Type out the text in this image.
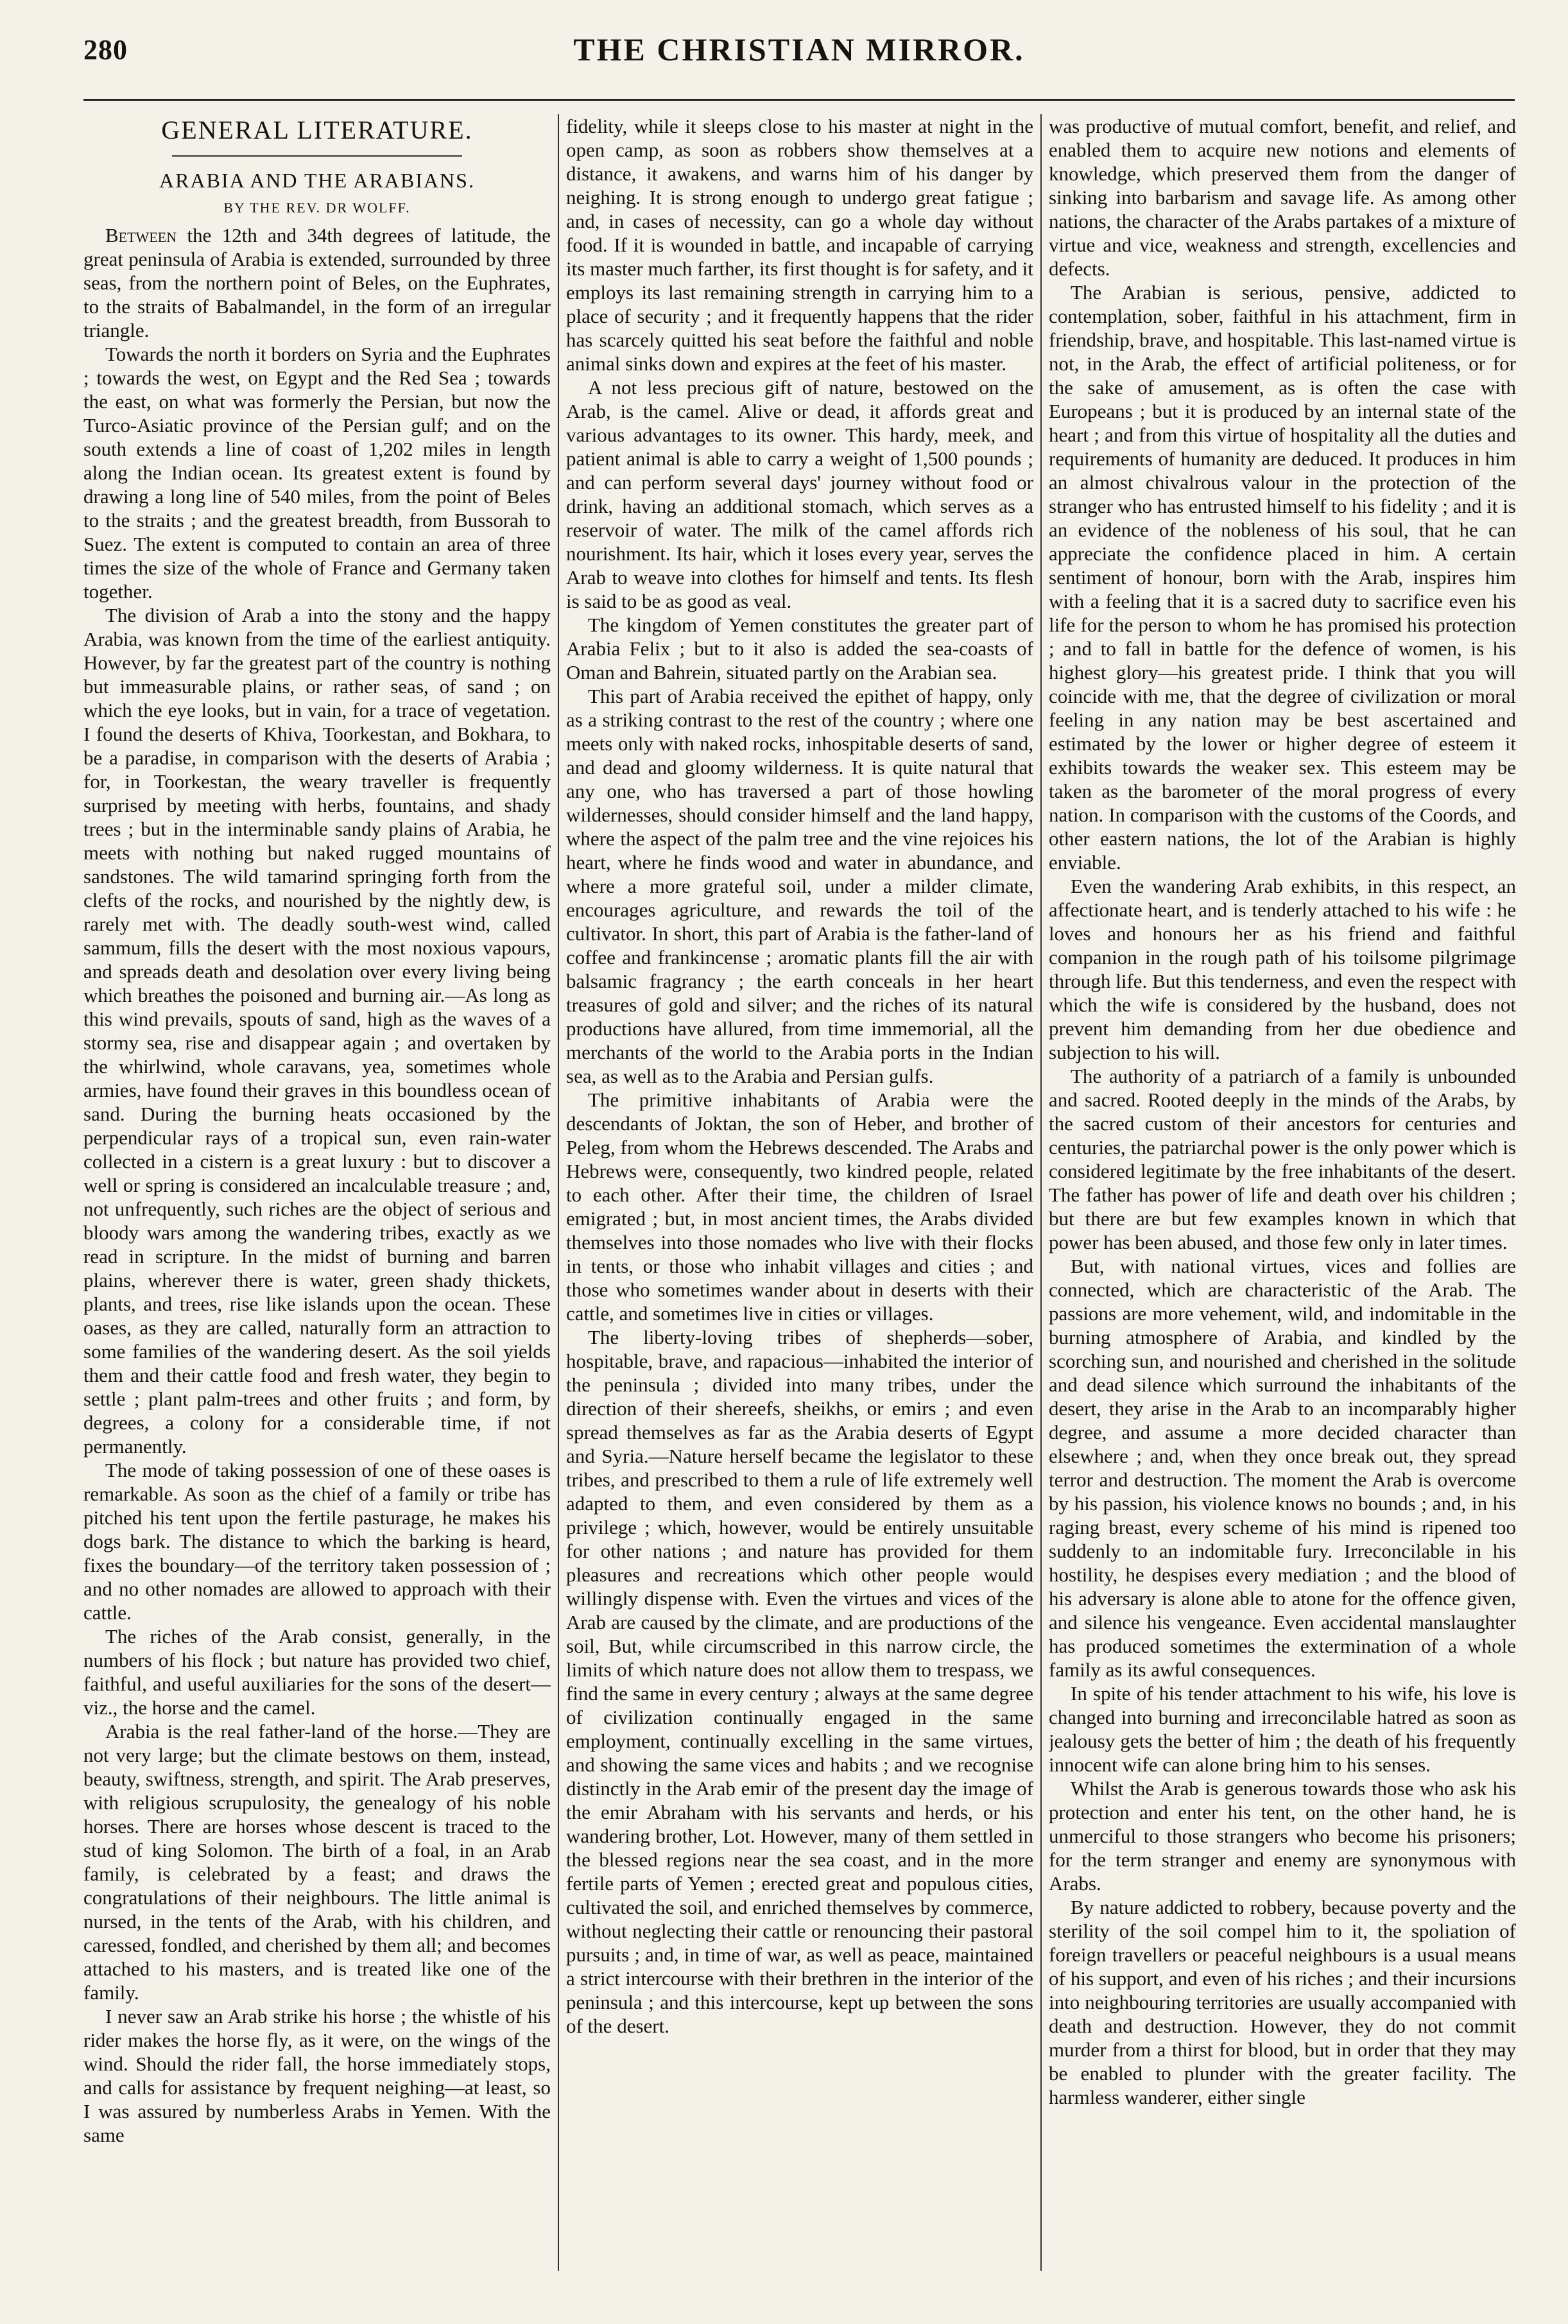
280	THE CHRISTIAN MIRROR.
GENERAL LITERATURE.
ARABIA AND THE ARABIANS.
BY THE REV. DR WOLFF.

Between the 12th and 34th degrees of latitude, the great peninsula of Arabia is extended, surrounded by three seas, from the northern point of Beles, on the Euphrates, to the straits of Babalmandel, in the form of an irregular triangle.

Towards the north it borders on Syria and the Euphrates ; towards the west, on Egypt and the Red Sea ; towards the east, on what was formerly the Persian, but now the Turco-Asiatic province of the Persian gulf; and on the south extends a line of coast of 1,202 miles in length along the Indian ocean. Its greatest extent is found by drawing a long line of 540 miles, from the point of Beles to the straits ; and the greatest breadth, from Bussorah to Suez. The extent is computed to contain an area of three times the size of the whole of France and Germany taken together.

The division of Arab a into the stony and the happy Arabia, was known from the time of the earliest antiquity. However, by far the greatest part of the country is nothing but immeasurable plains, or rather seas, of sand ; on which the eye looks, but in vain, for a trace of vegetation. I found the deserts of Khiva, Toorkestan, and Bokhara, to be a paradise, in comparison with the deserts of Arabia ; for, in Toorkestan, the weary traveller is frequently surprised by meeting with herbs, fountains, and shady trees ; but in the interminable sandy plains of Arabia, he meets with nothing but naked rugged mountains of sandstones. The wild tamarind springing forth from the clefts of the rocks, and nourished by the nightly dew, is rarely met with. The deadly south-west wind, called sammum, fills the desert with the most noxious vapours, and spreads death and desolation over every living being which breathes the poisoned and burning air.—As long as this wind prevails, spouts of sand, high as the waves of a stormy sea, rise and disappear again ; and overtaken by the whirlwind, whole caravans, yea, sometimes whole armies, have found their graves in this boundless ocean of sand. During the burning heats occasioned by the perpendicular rays of a tropical sun, even rain-water collected in a cistern is a great luxury : but to discover a well or spring is considered an incalculable treasure ; and, not unfrequently, such riches are the object of serious and bloody wars among the wandering tribes, exactly as we read in scripture. In the midst of burning and barren plains, wherever there is water, green shady thickets, plants, and trees, rise like islands upon the ocean. These oases, as they are called, naturally form an attraction to some families of the wandering desert. As the soil yields them and their cattle food and fresh water, they begin to settle ; plant palm-trees and other fruits ; and form, by degrees, a colony for a considerable time, if not permanently.

The mode of taking possession of one of these oases is remarkable. As soon as the chief of a family or tribe has pitched his tent upon the fertile pasturage, he makes his dogs bark. The distance to which the barking is heard, fixes the boundary—of the territory taken possession of ; and no other nomades are allowed to approach with their cattle.

The riches of the Arab consist, generally, in the numbers of his flock ; but nature has provided two chief, faithful, and useful auxiliaries for the sons of the desert—viz., the horse and the camel.

Arabia is the real father-land of the horse.—They are not very large; but the climate bestows on them, instead, beauty, swiftness, strength, and spirit. The Arab preserves, with religious scrupulosity, the genealogy of his noble horses. There are horses whose descent is traced to the stud of king Solomon. The birth of a foal, in an Arab family, is celebrated by a feast; and draws the congratulations of their neighbours. The little animal is nursed, in the tents of the Arab, with his children, and caressed, fondled, and cherished by them all; and becomes attached to his masters, and is treated like one of the family.

I never saw an Arab strike his horse ; the whistle of his rider makes the horse fly, as it were, on the wings of the wind. Should the rider fall, the horse immediately stops, and calls for assistance by frequent neighing—at least, so I was assured by numberless Arabs in Yemen. With the same

fidelity, while it sleeps close to his master at night in the open camp, as soon as robbers show themselves at a distance, it awakens, and warns him of his danger by neighing. It is strong enough to undergo great fatigue ; and, in cases of necessity, can go a whole day without food. If it is wounded in battle, and incapable of carrying its master much farther, its first thought is for safety, and it employs its last remaining strength in carrying him to a place of security ; and it frequently happens that the rider has scarcely quitted his seat before the faithful and noble animal sinks down and expires at the feet of his master.

A not less precious gift of nature, bestowed on the Arab, is the camel. Alive or dead, it affords great and various advantages to its owner. This hardy, meek, and patient animal is able to carry a weight of 1,500 pounds ; and can perform several days' journey without food or drink, having an additional stomach, which serves as a reservoir of water. The milk of the camel affords rich nourishment. Its hair, which it loses every year, serves the Arab to weave into clothes for himself and tents. Its flesh is said to be as good as veal.

The kingdom of Yemen constitutes the greater part of Arabia Felix ; but to it also is added the sea-coasts of Oman and Bahrein, situated partly on the Arabian sea.

This part of Arabia received the epithet of happy, only as a striking contrast to the rest of the country ; where one meets only with naked rocks, inhospitable deserts of sand, and dead and gloomy wilderness. It is quite natural that any one, who has traversed a part of those howling wildernesses, should consider himself and the land happy, where the aspect of the palm tree and the vine rejoices his heart, where he finds wood and water in abundance, and where a more grateful soil, under a milder climate, encourages agriculture, and rewards the toil of the cultivator. In short, this part of Arabia is the father-land of coffee and frankincense ; aromatic plants fill the air with balsamic fragrancy ; the earth conceals in her heart treasures of gold and silver; and the riches of its natural productions have allured, from time immemorial, all the merchants of the world to the Arabia ports in the Indian sea, as well as to the Arabia and Persian gulfs.

The primitive inhabitants of Arabia were the descendants of Joktan, the son of Heber, and brother of Peleg, from whom the Hebrews descended. The Arabs and Hebrews were, consequently, two kindred people, related to each other. After their time, the children of Israel emigrated ; but, in most ancient times, the Arabs divided themselves into those nomades who live with their flocks in tents, or those who inhabit villages and cities ; and those who sometimes wander about in deserts with their cattle, and sometimes live in cities or villages.

The liberty-loving tribes of shepherds—sober, hospitable, brave, and rapacious—inhabited the interior of the peninsula ; divided into many tribes, under the direction of their shereefs, sheikhs, or emirs ; and even spread themselves as far as the Arabia deserts of Egypt and Syria.—Nature herself became the legislator to these tribes, and prescribed to them a rule of life extremely well adapted to them, and even considered by them as a privilege ; which, however, would be entirely unsuitable for other nations ; and nature has provided for them pleasures and recreations which other people would willingly dispense with. Even the virtues and vices of the Arab are caused by the climate, and are productions of the soil, But, while circumscribed in this narrow circle, the limits of which nature does not allow them to trespass, we find the same in every century ; always at the same degree of civilization continually engaged in the same employment, continually excelling in the same virtues, and showing the same vices and habits ; and we recognise distinctly in the Arab emir of the present day the image of the emir Abraham with his servants and herds, or his wandering brother, Lot. However, many of them settled in the blessed regions near the sea coast, and in the more fertile parts of Yemen ; erected great and populous cities, cultivated the soil, and enriched themselves by commerce, without neglecting their cattle or renouncing their pastoral pursuits ; and, in time of war, as well as peace, maintained a strict intercourse with their brethren in the interior of the peninsula ; and this intercourse, kept up between the sons of the desert.

was productive of mutual comfort, benefit, and relief, and enabled them to acquire new notions and elements of knowledge, which preserved them from the danger of sinking into barbarism and savage life. As among other nations, the character of the Arabs partakes of a mixture of virtue and vice, weakness and strength, excellencies and defects.

The Arabian is serious, pensive, addicted to contemplation, sober, faithful in his attachment, firm in friendship, brave, and hospitable. This last-named virtue is not, in the Arab, the effect of artificial politeness, or for the sake of amusement, as is often the case with Europeans ; but it is produced by an internal state of the heart ; and from this virtue of hospitality all the duties and requirements of humanity are deduced. It produces in him an almost chivalrous valour in the protection of the stranger who has entrusted himself to his fidelity ; and it is an evidence of the nobleness of his soul, that he can appreciate the confidence placed in him. A certain sentiment of honour, born with the Arab, inspires him with a feeling that it is a sacred duty to sacrifice even his life for the person to whom he has promised his protection ; and to fall in battle for the defence of women, is his highest glory—his greatest pride. I think that you will coincide with me, that the degree of civilization or moral feeling in any nation may be best ascertained and estimated by the lower or higher degree of esteem it exhibits towards the weaker sex. This esteem may be taken as the barometer of the moral progress of every nation. In comparison with the customs of the Coords, and other eastern nations, the lot of the Arabian is highly enviable.

Even the wandering Arab exhibits, in this respect, an affectionate heart, and is tenderly attached to his wife : he loves and honours her as his friend and faithful companion in the rough path of his toilsome pilgrimage through life. But this tenderness, and even the respect with which the wife is considered by the husband, does not prevent him demanding from her due obedience and subjection to his will.

The authority of a patriarch of a family is unbounded and sacred. Rooted deeply in the minds of the Arabs, by the sacred custom of their ancestors for centuries and centuries, the patriarchal power is the only power which is considered legitimate by the free inhabitants of the desert. The father has power of life and death over his children ; but there are but few examples known in which that power has been abused, and those few only in later times.

But, with national virtues, vices and follies are connected, which are characteristic of the Arab. The passions are more vehement, wild, and indomitable in the burning atmosphere of Arabia, and kindled by the scorching sun, and nourished and cherished in the solitude and dead silence which surround the inhabitants of the desert, they arise in the Arab to an incomparably higher degree, and assume a more decided character than elsewhere ; and, when they once break out, they spread terror and destruction. The moment the Arab is overcome by his passion, his violence knows no bounds ; and, in his raging breast, every scheme of his mind is ripened too suddenly to an indomitable fury. Irreconcilable in his hostility, he despises every mediation ; and the blood of his adversary is alone able to atone for the offence given, and silence his vengeance. Even accidental manslaughter has produced sometimes the extermination of a whole family as its awful consequences.

In spite of his tender attachment to his wife, his love is changed into burning and irreconcilable hatred as soon as jealousy gets the better of him ; the death of his frequently innocent wife can alone bring him to his senses.

Whilst the Arab is generous towards those who ask his protection and enter his tent, on the other hand, he is unmerciful to those strangers who become his prisoners; for the term stranger and enemy are synonymous with Arabs.

By nature addicted to robbery, because poverty and the sterility of the soil compel him to it, the spoliation of foreign travellers or peaceful neighbours is a usual means of his support, and even of his riches ; and their incursions into neighbouring territories are usually accompanied with death and destruction. However, they do not commit murder from a thirst for blood, but in order that they may be enabled to plunder with the greater facility. The harmless wanderer, either single
